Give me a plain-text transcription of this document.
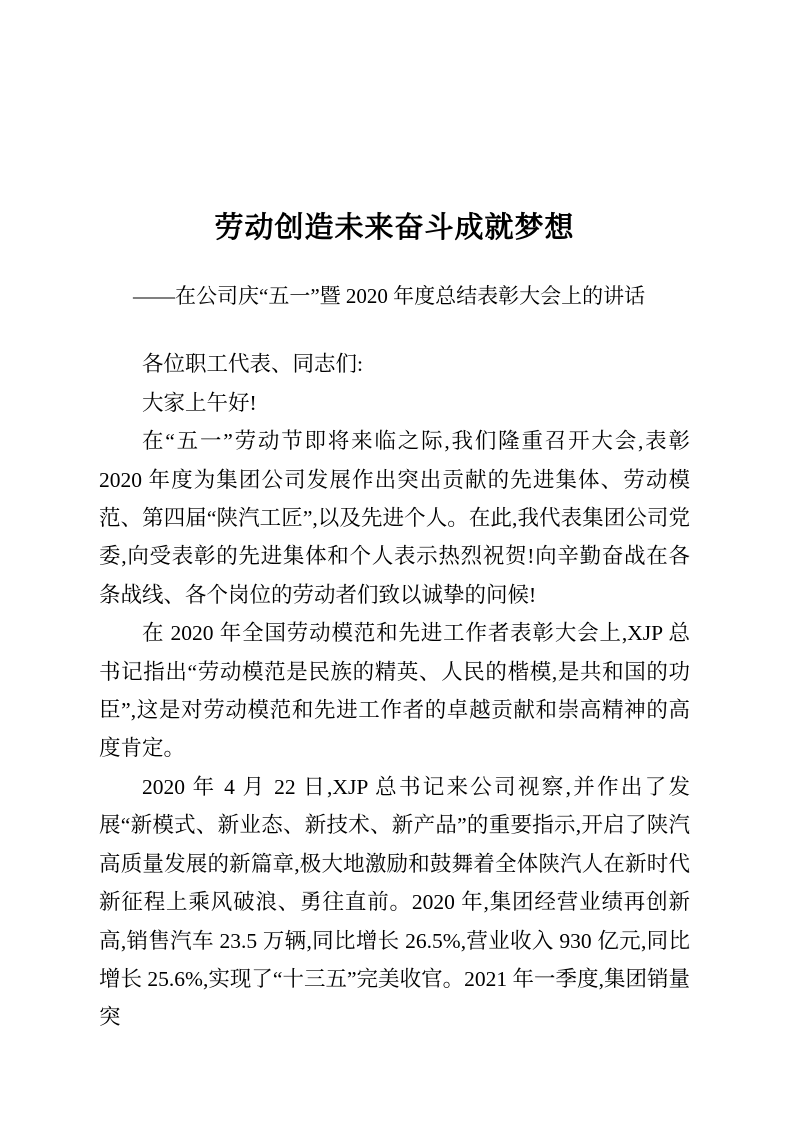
劳动创造未来奋斗成就梦想
——在公司庆“五一”暨 2020 年度总结表彰大会上的讲话

各位职工代表、同志们:

大家上午好!

在“五一”劳动节即将来临之际,我们隆重召开大会,表彰 2020 年度为集团公司发展作出突出贡献的先进集体、劳动模范、第四届“陕汽工匠”,以及先进个人。在此,我代表集团公司党委,向受表彰的先进集体和个人表示热烈祝贺!向辛勤奋战在各条战线、各个岗位的劳动者们致以诚挚的问候!

在 2020 年全国劳动模范和先进工作者表彰大会上,XJP 总书记指出“劳动模范是民族的精英、人民的楷模,是共和国的功臣”,这是对劳动模范和先进工作者的卓越贡献和崇高精神的高度肯定。

2020 年 4 月 22 日,XJP 总书记来公司视察,并作出了发展“新模式、新业态、新技术、新产品”的重要指示,开启了陕汽高质量发展的新篇章,极大地激励和鼓舞着全体陕汽人在新时代新征程上乘风破浪、勇往直前。2020 年,集团经营业绩再创新高,销售汽车 23.5 万辆,同比增长 26.5%,营业收入 930 亿元,同比增长 25.6%,实现了“十三五”完美收官。2021 年一季度,集团销量突
